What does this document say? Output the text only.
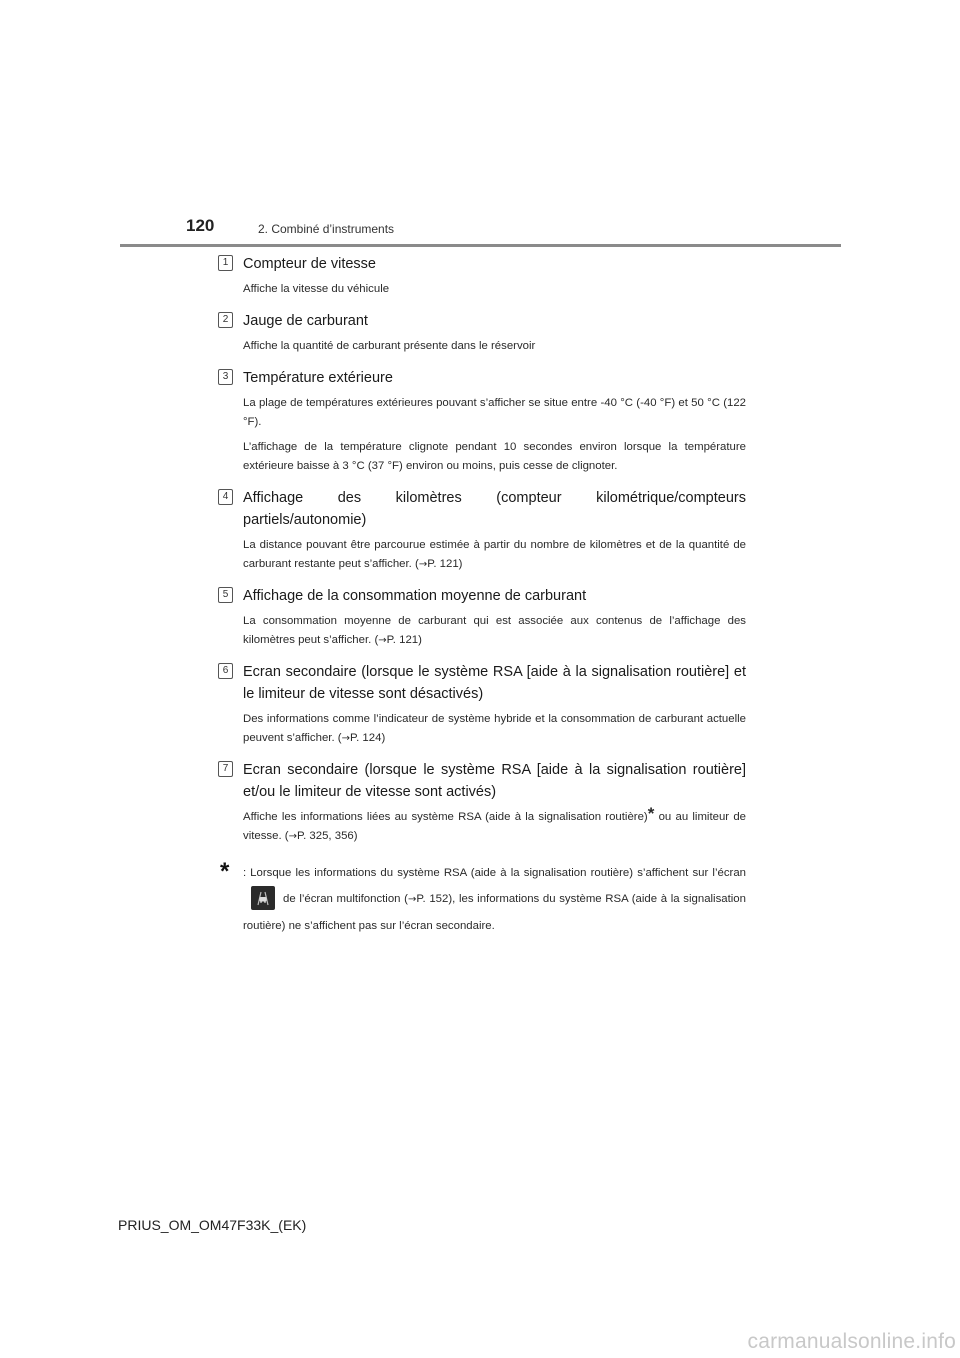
120	2. Combiné d’instruments
1	Compteur de vitesse

Affiche la vitesse du véhicule

2	Jauge de carburant

Affiche la quantité de carburant présente dans le réservoir

3	Température extérieure

La plage de températures extérieures pouvant s’afficher se situe entre -40 °C (-40 °F) et 50 °C (122 °F).

L’affichage de la température clignote pendant 10 secondes environ lorsque la température extérieure baisse à 3 °C (37 °F) environ ou moins, puis cesse de clignoter.

4	Affichage des kilomètres (compteur kilométrique/compteurs partiels/autonomie)

La distance pouvant être parcourue estimée à partir du nombre de kilomètres et de la quantité de carburant restante peut s’afficher. (→P. 121)

5	Affichage de la consommation moyenne de carburant

La consommation moyenne de carburant qui est associée aux contenus de l’affichage des kilomètres peut s’afficher. (→P. 121)

6	Ecran secondaire (lorsque le système RSA [aide à la signalisation routière] et le limiteur de vitesse sont désactivés)

Des informations comme l’indicateur de système hybride et la consommation de carburant actuelle peuvent s’afficher. (→P. 124)

7	Ecran secondaire (lorsque le système RSA [aide à la signalisation routière] et/ou le limiteur de vitesse sont activés)

Affiche les informations liées au système RSA (aide à la signalisation routière)* ou au limiteur de vitesse. (→P. 325, 356)

* : Lorsque les informations du système RSA (aide à la signalisation routière) s’affichent sur l’écran
de l’écran multifonction (→P. 152), les informations du système RSA (aide à la signalisation routière) ne s’affichent pas sur l’écran secondaire.
PRIUS_OM_OM47F33K_(EK)
carmanualsonline.info
